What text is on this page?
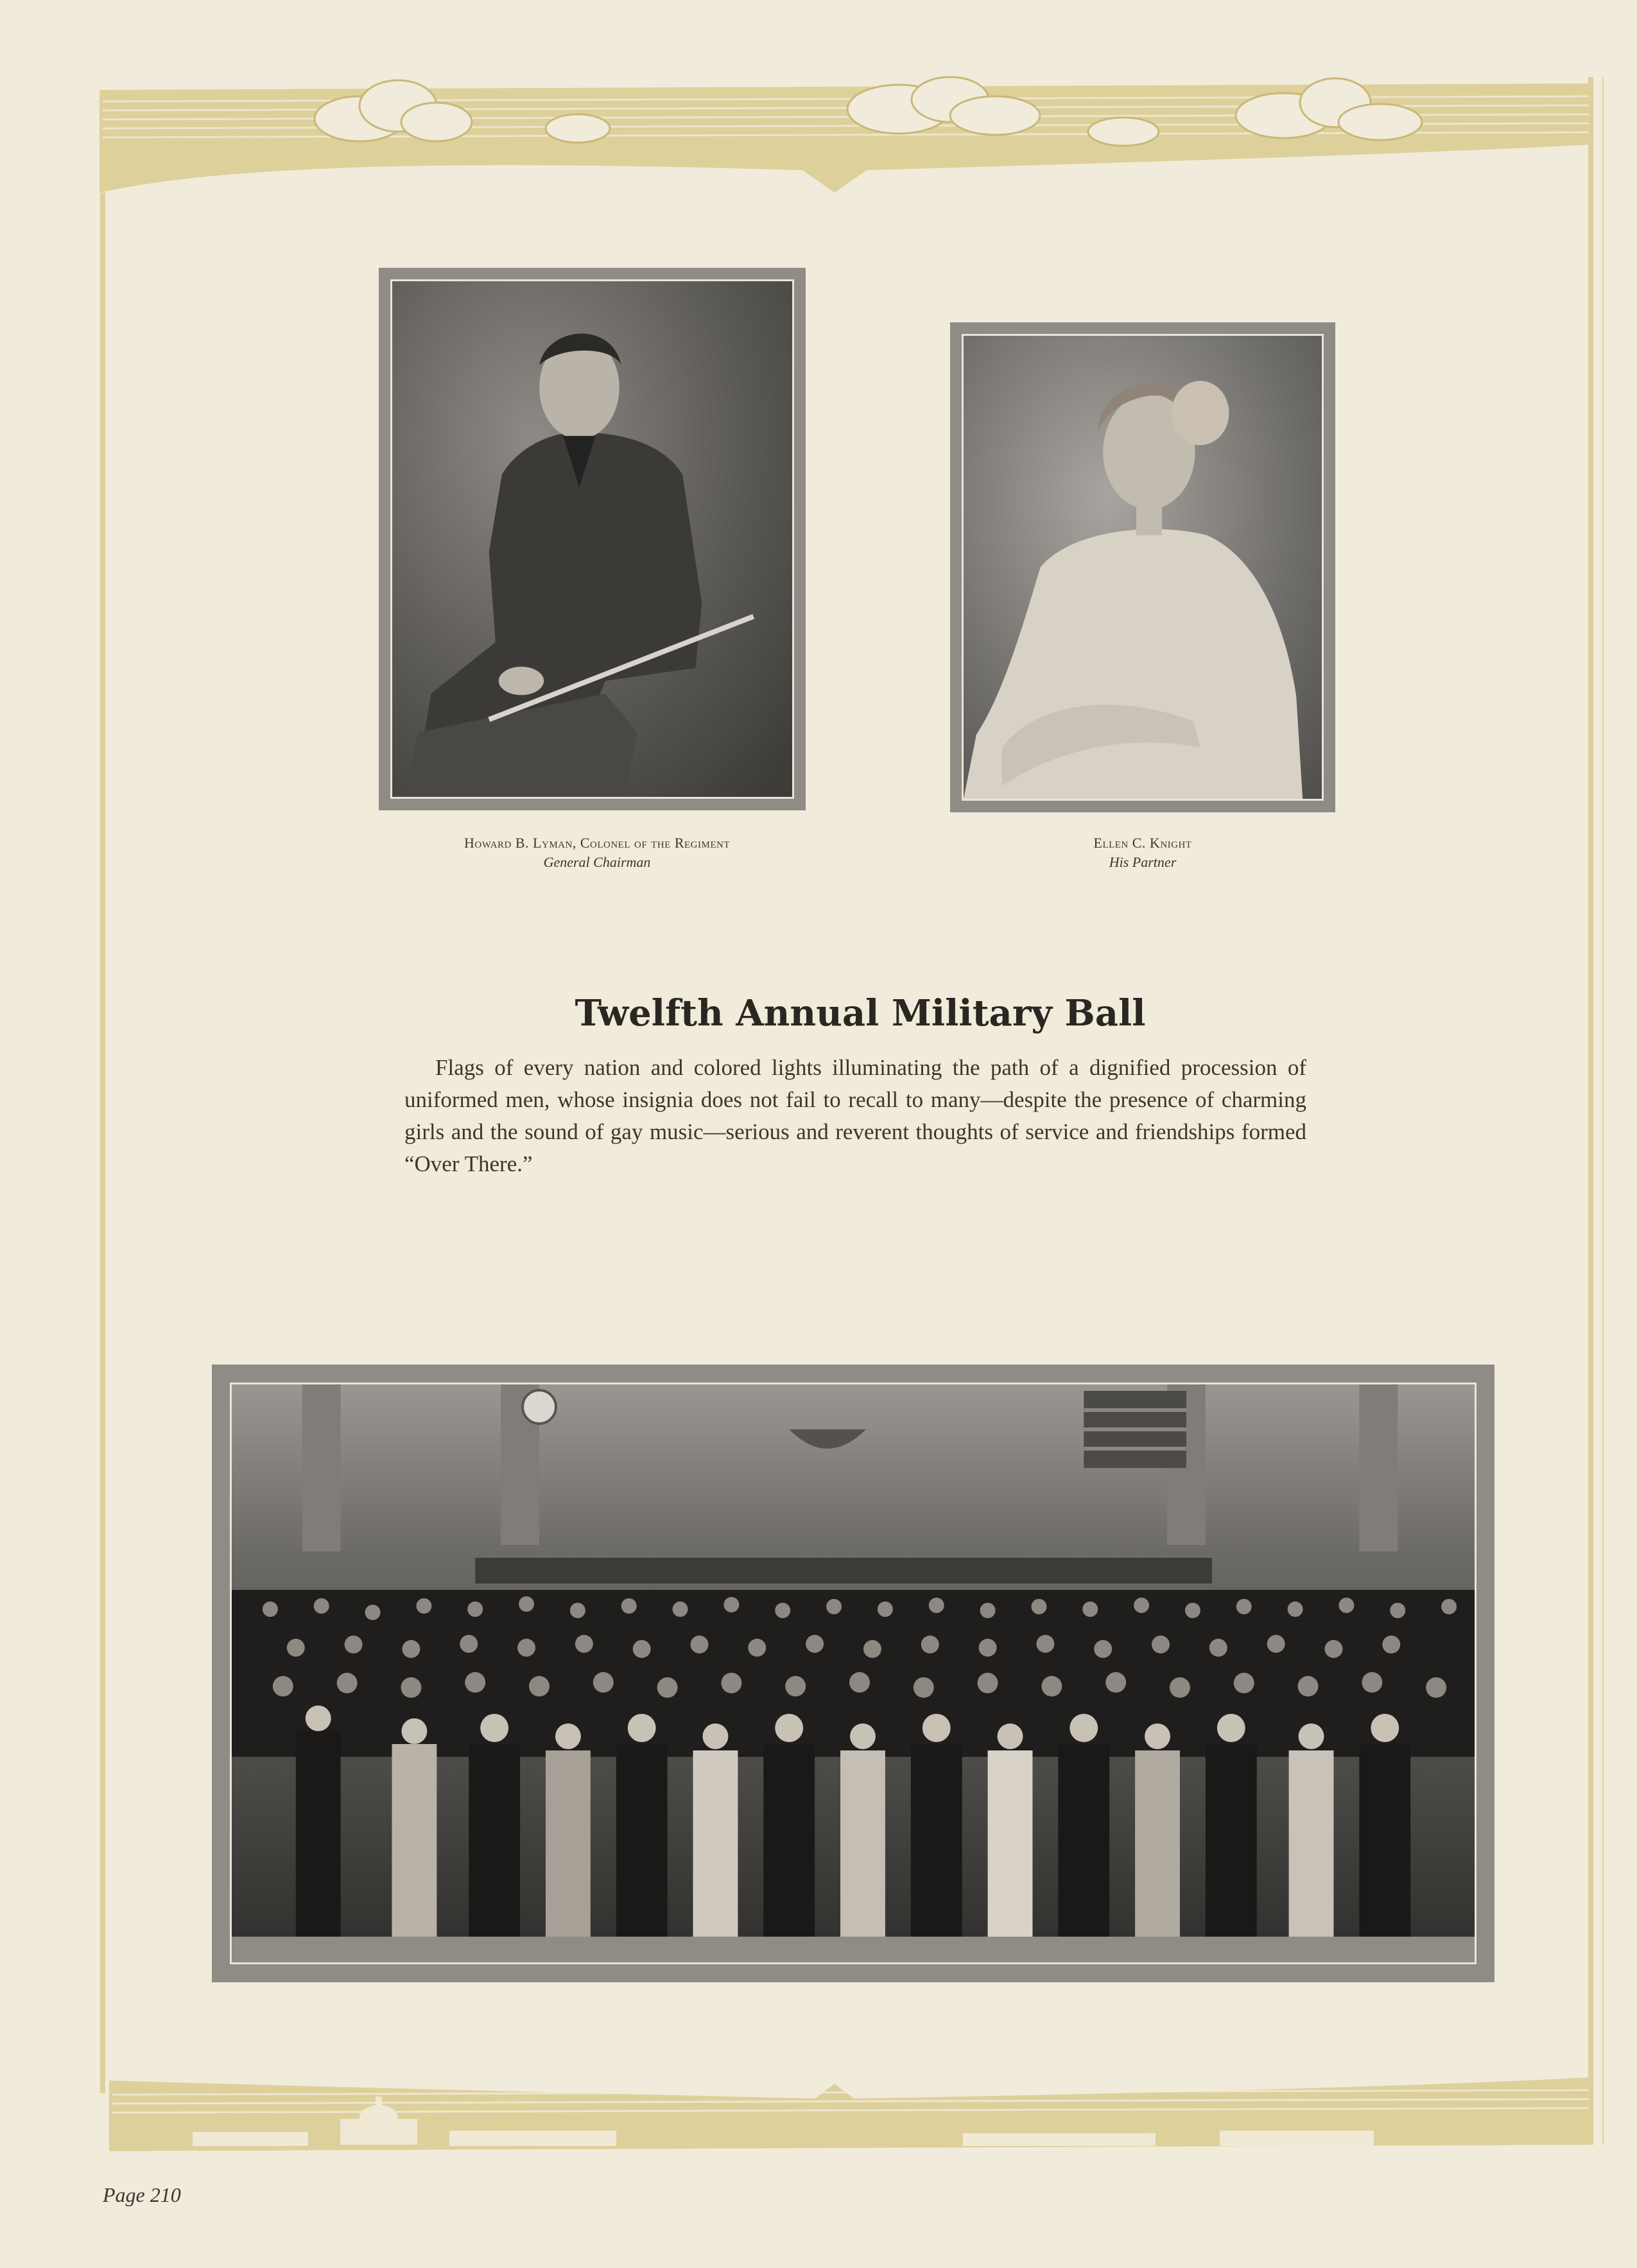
Howard B. Lyman, Colonel of the Regiment
General Chairman
Ellen C. Knight
His Partner
Twelfth Annual Military Ball

Flags of every nation and colored lights illuminating the path of a dignified procession of uniformed men, whose insignia does not fail to recall to many—despite the presence of charming girls and the sound of gay music—serious and reverent thoughts of service and friendships formed “Over There.”

Page 210
